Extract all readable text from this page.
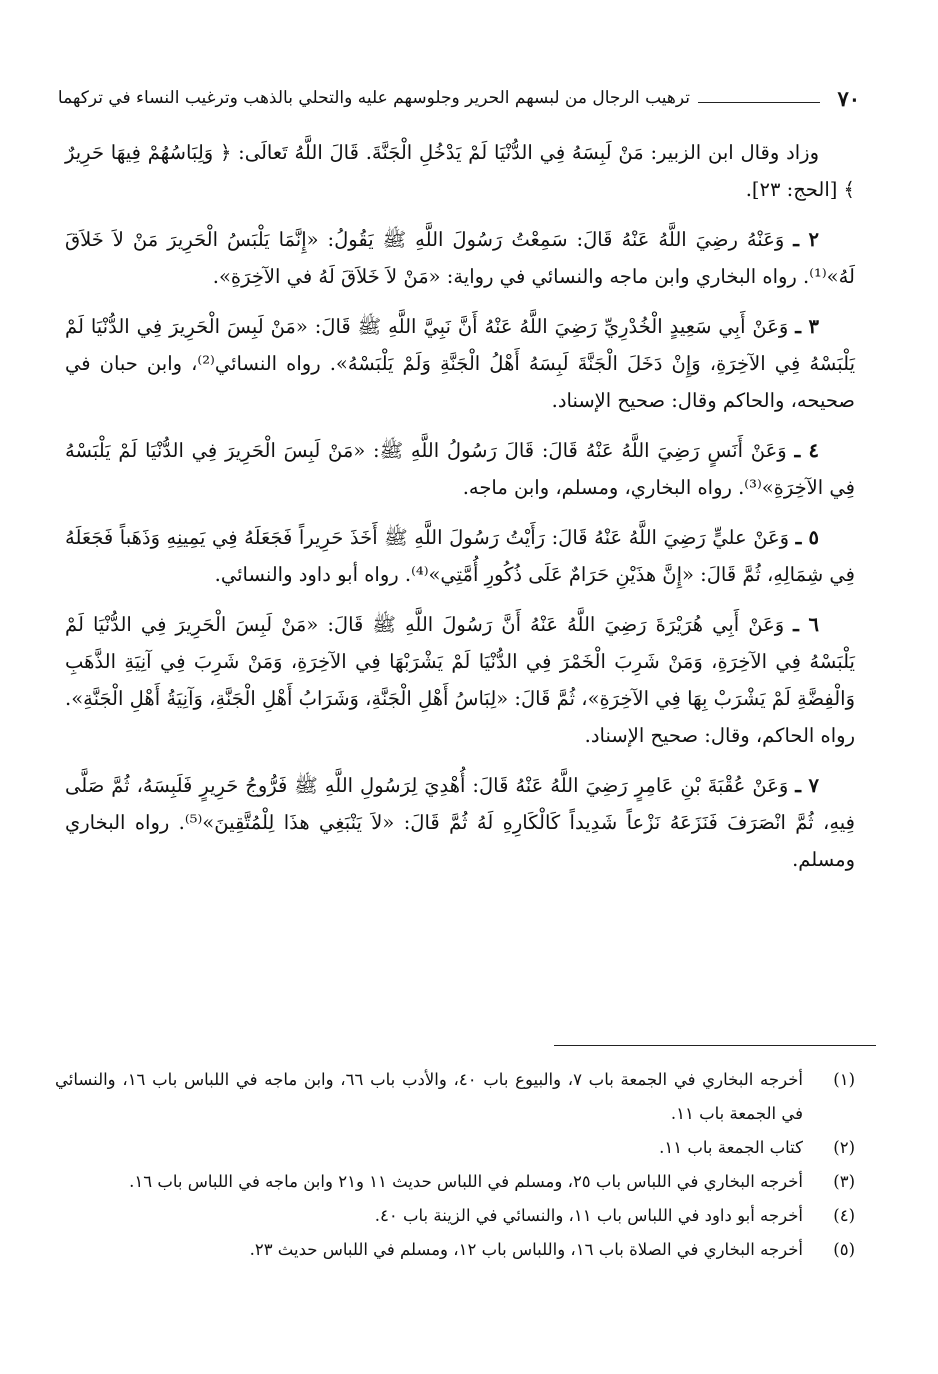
٧٠
ترهيب الرجال من لبسهم الحرير وجلوسهم عليه والتحلي بالذهب وترغيب النساء في تركهما

وزاد وقال ابن الزبير: مَنْ لَبِسَهُ فِي الدُّنْيَا لَمْ يَدْخُلِ الْجَنَّةَ. قَالَ اللَّهُ تَعالَى: ﴿ وَلِبَاسُهُمْ فِيهَا حَرِيرٌ ﴾ [الحج: ٢٣].

٢ ـ وَعَنْهُ رضِيَ اللَّهُ عَنْهُ قَالَ: سَمِعْتُ رَسُولَ اللَّهِ ﷺ يَقُولُ: «إِنَّمَا يَلْبَسُ الْحَرِيرَ مَنْ لاَ خَلاَقَ لَهُ»⁽¹⁾. رواه البخاري وابن ماجه والنسائي في رواية: «مَنْ لاَ خَلاَقَ لَهُ في الآخِرَةِ».

٣ ـ وَعَنْ أَبِي سَعِيدٍ الْخُدْرِيِّ رَضِيَ اللَّهُ عَنْهُ أَنَّ نَبِيَّ اللَّهِ ﷺ قَالَ: «مَنْ لَبِسَ الْحَرِيرَ فِي الدُّنْيَا لَمْ يَلْبَسْهُ فِي الآخِرَةِ، وَإِنْ دَخَلَ الْجَنَّةَ لَبِسَهُ أَهْلُ الْجَنَّةِ وَلَمْ يَلْبَسْهُ». رواه النسائي⁽²⁾، وابن حبان في صحيحه، والحاكم وقال: صحيح الإسناد.

٤ ـ وَعَنْ أَنَسٍ رَضِيَ اللَّهُ عَنْهُ قَالَ: قَالَ رَسُولُ اللَّهِ ﷺ: «مَنْ لَبِسَ الْحَرِيرَ فِي الدُّنْيَا لَمْ يَلْبَسْهُ فِي الآخِرَةِ»⁽³⁾. رواه البخاري، ومسلم، وابن ماجه.

٥ ـ وَعَنْ عليٍّ رَضِيَ اللَّهُ عَنْهُ قَالَ: رَأَيْتُ رَسُولَ اللَّهِ ﷺ أَخَذَ حَرِيراً فَجَعَلَهُ فِي يَمِينِهِ وَذَهَباً فَجَعَلَهُ فِي شِمَالِهِ، ثُمَّ قَالَ: «إِنَّ هذَيْنِ حَرَامٌ عَلَى ذُكُورِ أُمَّتِي»⁽⁴⁾. رواه أبو داود والنسائي.

٦ ـ وَعَنْ أَبِي هُرَيْرَةَ رَضِيَ اللَّهُ عَنْهُ أَنَّ رَسُولَ اللَّهِ ﷺ قَالَ: «مَنْ لَبِسَ الْحَرِيرَ فِي الدُّنْيَا لَمْ يَلْبَسْهُ فِي الآخِرَةِ، وَمَنْ شَرِبَ الْخَمْرَ فِي الدُّنْيَا لَمْ يَشْرَبْهَا فِي الآخِرَةِ، وَمَنْ شَرِبَ فِي آنِيَةِ الذَّهَبِ وَالْفِضَّةِ لَمْ يَشْرَبْ بِهَا فِي الآخِرَةِ»، ثُمَّ قَالَ: «لِبَاسُ أَهْلِ الْجَنَّةِ، وَشَرَابُ أَهْلِ الْجَنَّةِ، وَآنِيَةُ أَهْلِ الْجَنَّةِ». رواه الحاكم، وقال: صحيح الإسناد.

٧ ـ وَعَنْ عُقْبَةَ بْنِ عَامِرٍ رَضِيَ اللَّهُ عَنْهُ قَالَ: أُهْدِيَ لِرَسُولِ اللَّهِ ﷺ فَرُّوجُ حَرِيرٍ فَلَبِسَهُ، ثُمَّ صَلَّى فِيهِ، ثُمَّ انْصَرَفَ فَنَزَعَهُ نَزْعاً شَدِيداً كَالْكَارِهِ لَهُ ثُمَّ قَالَ: «لاَ يَنْبَغِي هذَا لِلْمُتَّقِينَ»⁽⁵⁾. رواه البخاري ومسلم.

(١)
أخرجه البخاري في الجمعة باب ٧، والبيوع باب ٤٠، والأدب باب ٦٦، وابن ماجه في اللباس باب ١٦، والنسائي في الجمعة باب ١١.
(٢)
كتاب الجمعة باب ١١.
(٣)
أخرجه البخاري في اللباس باب ٢٥، ومسلم في اللباس حديث ١١ و٢١ وابن ماجه في اللباس باب ١٦.
(٤)
أخرجه أبو داود في اللباس باب ١١، والنسائي في الزينة باب ٤٠.
(٥)
أخرجه البخاري في الصلاة باب ١٦، واللباس باب ١٢، ومسلم في اللباس حديث ٢٣.
